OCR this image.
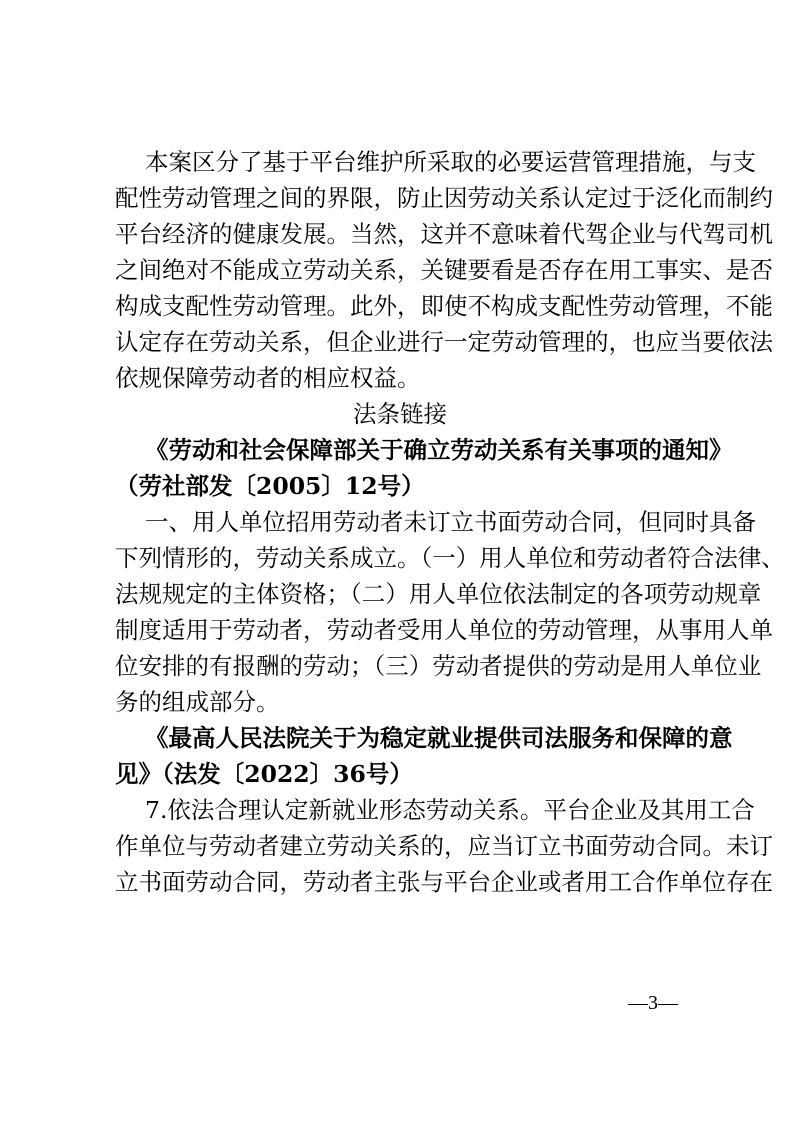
本案区分了基于平台维护所采取的必要运营管理措施，与支
配性劳动管理之间的界限，防止因劳动关系认定过于泛化而制约
平台经济的健康发展。当然，这并不意味着代驾企业与代驾司机
之间绝对不能成立劳动关系，关键要看是否存在用工事实、是否
构成支配性劳动管理。此外，即使不构成支配性劳动管理，不能
认定存在劳动关系，但企业进行一定劳动管理的，也应当要依法
依规保障劳动者的相应权益。
法条链接
《劳动和社会保障部关于确立劳动关系有关事项的通知》
（劳社部发〔2005〕12号）
一、用人单位招用劳动者未订立书面劳动合同，但同时具备
下列情形的，劳动关系成立。（一）用人单位和劳动者符合法律、
法规规定的主体资格；（二）用人单位依法制定的各项劳动规章
制度适用于劳动者，劳动者受用人单位的劳动管理，从事用人单
位安排的有报酬的劳动；（三）劳动者提供的劳动是用人单位业
务的组成部分。
《最高人民法院关于为稳定就业提供司法服务和保障的意
见》（法发〔2022〕36号）
7.依法合理认定新就业形态劳动关系。平台企业及其用工合
作单位与劳动者建立劳动关系的，应当订立书面劳动合同。未订
立书面劳动合同，劳动者主张与平台企业或者用工合作单位存在
—3—
